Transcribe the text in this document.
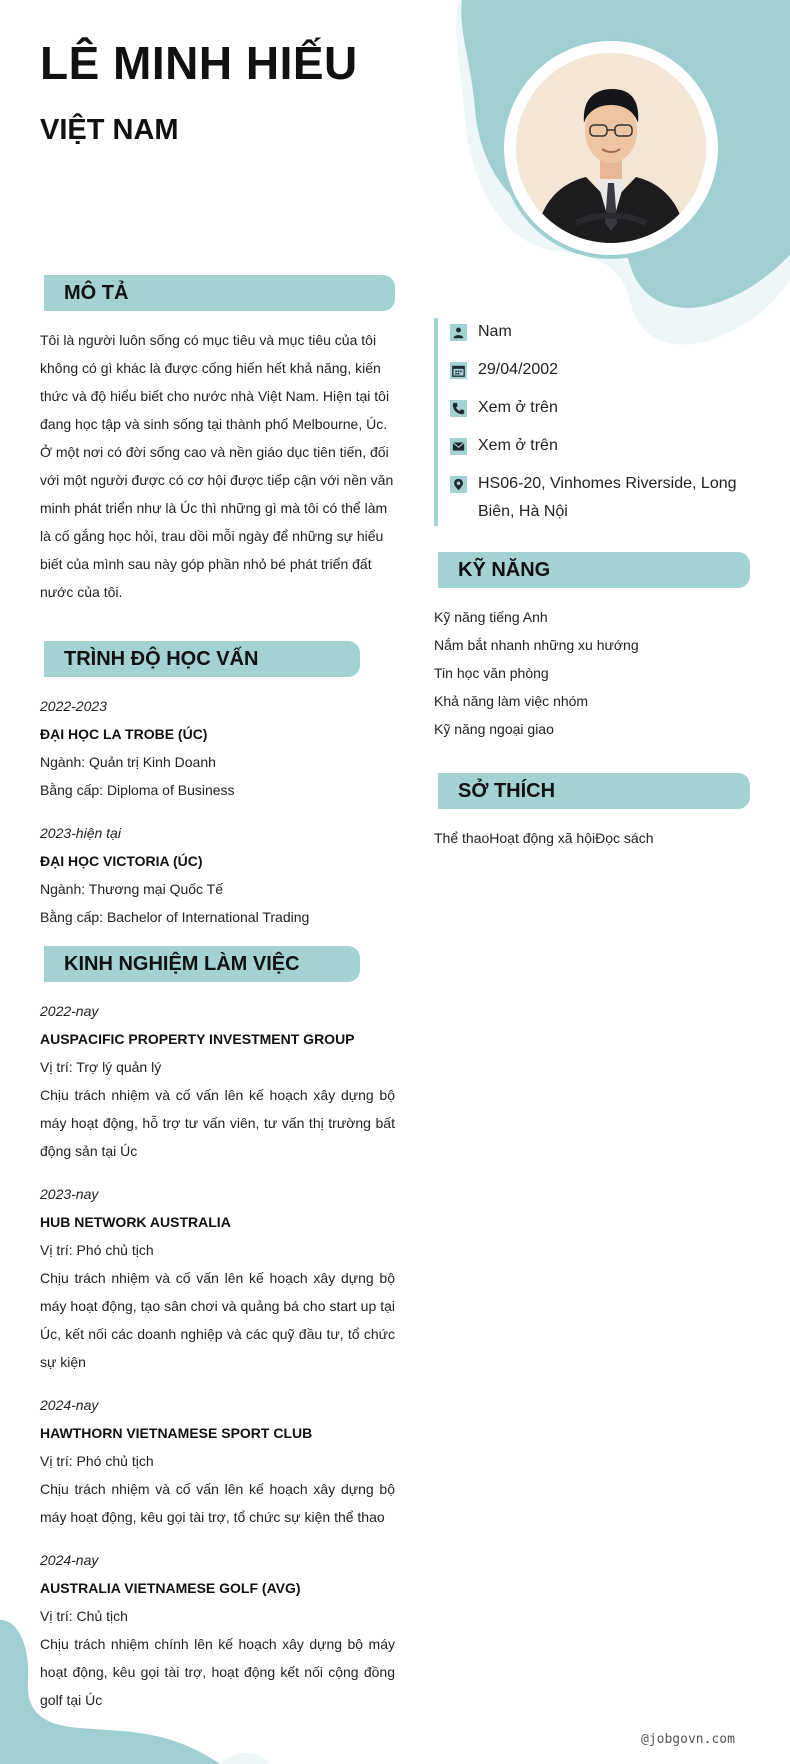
LÊ MINH HIẾU
VIỆT NAM
MÔ TẢ

Tôi là người luôn sống có mục tiêu và mục tiêu của tôi không có gì khác là được cống hiến hết khả năng, kiến thức và độ hiểu biết cho nước nhà Việt Nam. Hiện tại tôi đang học tập và sinh sống tại thành phố Melbourne, Úc. Ở một nơi có đời sống cao và nền giáo dục tiên tiến, đối với một người được có cơ hội được tiếp cận với nền văn minh phát triển như là Úc thì những gì mà tôi có thể làm là cố gắng học hỏi, trau dồi mỗi ngày để những sự hiểu biết của mình sau này góp phần nhỏ bé phát triển đất nước của tôi.

TRÌNH ĐỘ HỌC VẤN
2022-2023
ĐẠI HỌC LA TROBE (ÚC)
Ngành: Quản trị Kinh Doanh
Bằng cấp: Diploma of Business
2023-hiện tại
ĐẠI HỌC VICTORIA (ÚC)
Ngành: Thương mại Quốc Tế
Bằng cấp: Bachelor of International Trading
KINH NGHIỆM LÀM VIỆC
2022-nay
AUSPACIFIC PROPERTY INVESTMENT GROUP
Vị trí: Trợ lý quản lý

Chịu trách nhiệm và cố vấn lên kế hoạch xây dựng bộ máy hoạt động, hỗ trợ tư vấn viên, tư vấn thị trường bất động sản tại Úc

2023-nay
HUB NETWORK AUSTRALIA
Vị trí: Phó chủ tịch

Chịu trách nhiệm và cố vấn lên kế hoạch xây dựng bộ máy hoạt động, tạo sân chơi và quảng bá cho start up tại Úc, kết nối các doanh nghiệp và các quỹ đầu tư, tổ chức sự kiện

2024-nay
HAWTHORN VIETNAMESE SPORT CLUB
Vị trí: Phó chủ tịch

Chịu trách nhiệm và cố vấn lên kế hoạch xây dựng bộ máy hoạt động, kêu gọi tài trợ, tổ chức sự kiện thể thao

2024-nay
AUSTRALIA VIETNAMESE GOLF (AVG)
Vị trí: Chủ tịch

Chịu trách nhiệm chính lên kế hoạch xây dựng bộ máy hoạt động, kêu gọi tài trợ, hoạt động kết nối cộng đồng golf tại Úc

Nam
29/04/2002
Xem ở trên
Xem ở trên
HS06-20, Vinhomes Riverside, Long Biên, Hà Nội
KỸ NĂNG
Kỹ năng tiếng Anh
Nắm bắt nhanh những xu hướng
Tin học văn phòng
Khả năng làm việc nhóm
Kỹ năng ngoại giao
SỞ THÍCH
Thể thaoHoạt động xã hộiĐọc sách
@jobgovn.com
